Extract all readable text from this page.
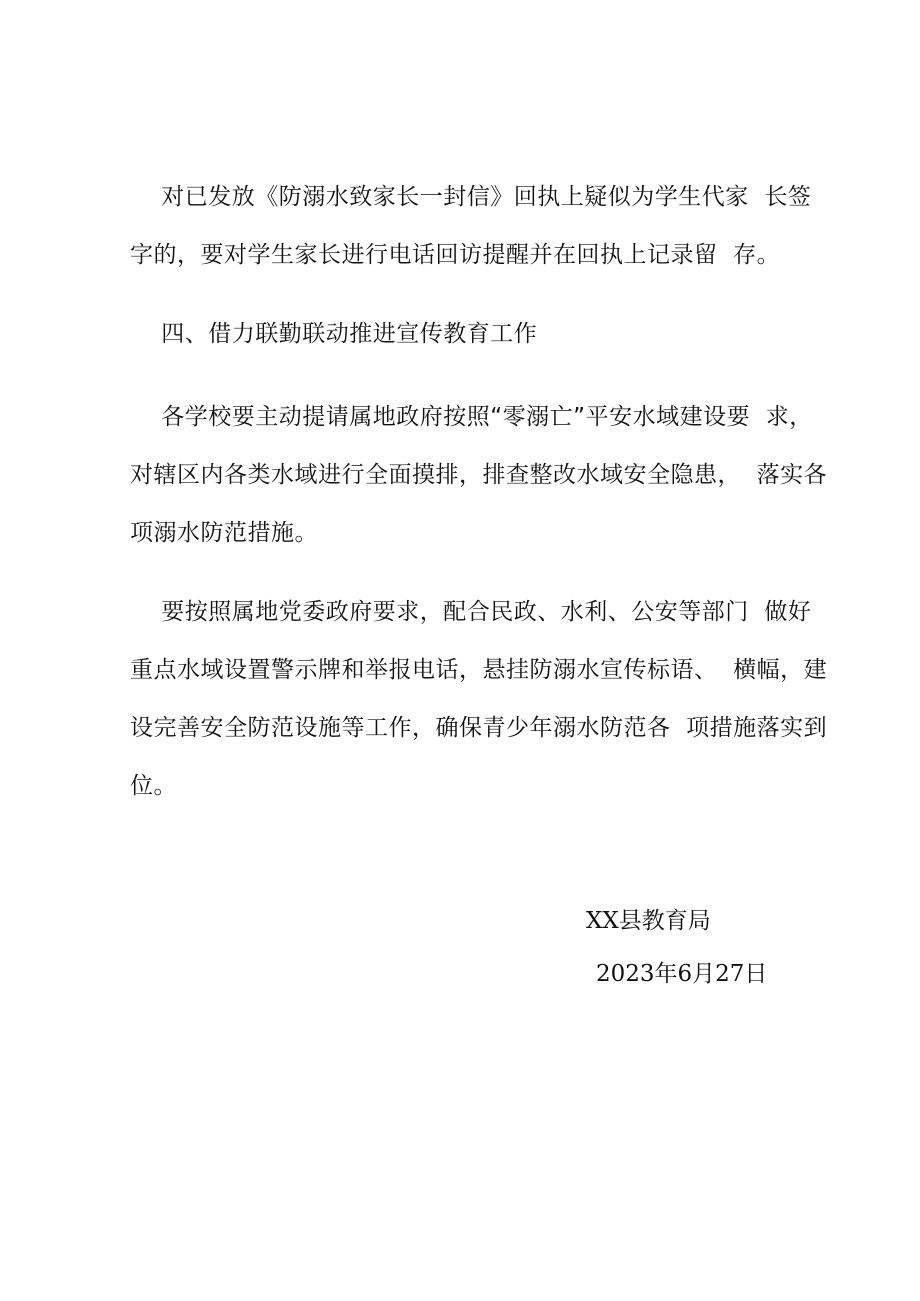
对已发放《防溺水致家长一封信》回执上疑似为学生代家  长签
字的，要对学生家长进行电话回访提醒并在回执上记录留  存。
四、借力联勤联动推进宣传教育工作
各学校要主动提请属地政府按照“零溺亡”平安水域建设要  求，
对辖区内各类水域进行全面摸排，排查整改水域安全隐患，  落实各
项溺水防范措施。
要按照属地党委政府要求，配合民政、水利、公安等部门  做好
重点水域设置警示牌和举报电话，悬挂防溺水宣传标语、  横幅，建
设完善安全防范设施等工作，确保青少年溺水防范各  项措施落实到
位。
XX县教育局
2023年6月27日
